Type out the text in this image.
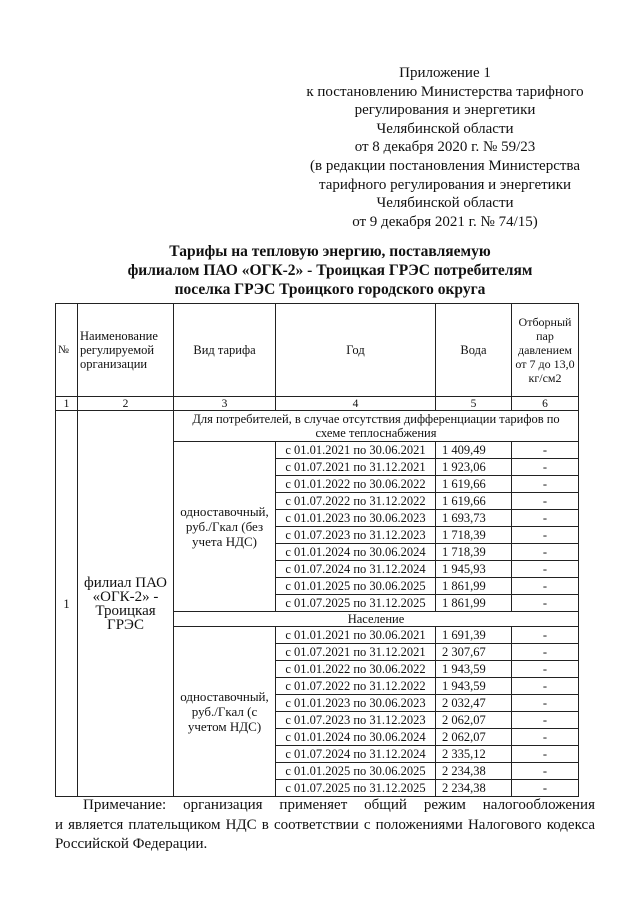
Приложение 1
к постановлению Министерства тарифного
регулирования и энергетики
Челябинской области
от 8 декабря 2020 г. № 59/23
(в редакции постановления Министерства
тарифного регулирования и энергетики
Челябинской области
от 9 декабря 2021 г. № 74/15)
Тарифы на тепловую энергию, поставляемую
филиалом ПАО «ОГК-2» - Троицкая ГРЭС потребителям
поселка ГРЭС Троицкого городского округа
№	Наименование регулируемой организации	Вид тарифа	Год	Вода	Отборный пар давлением от 7 до 13,0 кг/см2
1	2	3	4	5	6
1	филиал ПАО «ОГК-2» - Троицкая ГРЭС	Для потребителей, в случае отсутствия дифференциации тарифов по схеме теплоснабжения			
		одноставочный, руб./Гкал (без учета НДС)	с 01.01.2021 по 30.06.2021	1 409,49	-
			с 01.07.2021 по 31.12.2021	1 923,06	-
			с 01.01.2022 по 30.06.2022	1 619,66	-
			с 01.07.2022 по 31.12.2022	1 619,66	-
			с 01.01.2023 по 30.06.2023	1 693,73	-
			с 01.07.2023 по 31.12.2023	1 718,39	-
			с 01.01.2024 по 30.06.2024	1 718,39	-
			с 01.07.2024 по 31.12.2024	1 945,93	-
			с 01.01.2025 по 30.06.2025	1 861,99	-
			с 01.07.2025 по 31.12.2025	1 861,99	-
		Население			
		одноставочный, руб./Гкал (с учетом НДС)	с 01.01.2021 по 30.06.2021	1 691,39	-
			с 01.07.2021 по 31.12.2021	2 307,67	-
			с 01.01.2022 по 30.06.2022	1 943,59	-
			с 01.07.2022 по 31.12.2022	1 943,59	-
			с 01.01.2023 по 30.06.2023	2 032,47	-
			с 01.07.2023 по 31.12.2023	2 062,07	-
			с 01.01.2024 по 30.06.2024	2 062,07	-
			с 01.07.2024 по 31.12.2024	2 335,12	-
			с 01.01.2025 по 30.06.2025	2 234,38	-
			с 01.07.2025 по 31.12.2025	2 234,38	-
Примечание: организация применяет общий режим налогообложения
и является плательщиком НДС в соответствии с положениями Налогового кодекса Российской Федерации.
